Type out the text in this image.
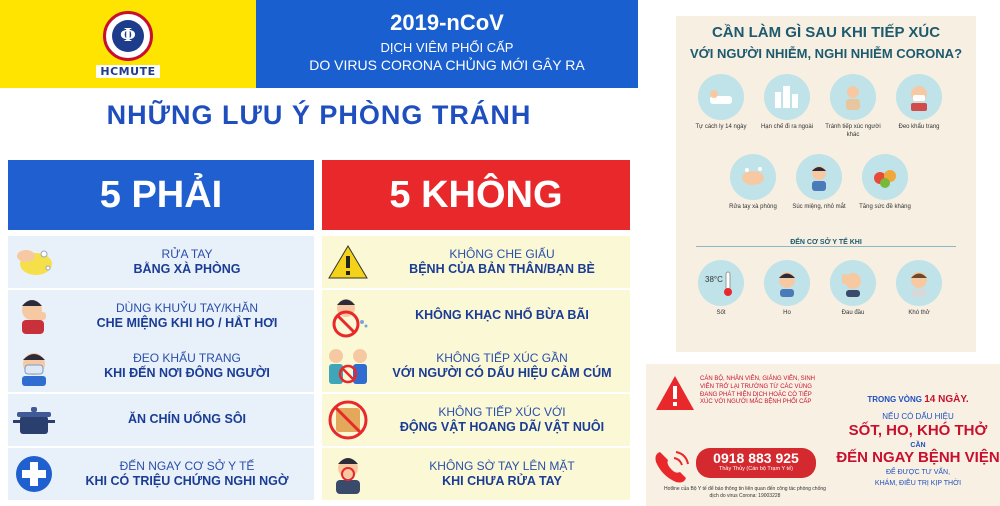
Φ
HCMUTE
2019-nCoV
DỊCH VIÊM PHỔI CẤP
DO VIRUS CORONA CHỦNG MỚI GÂY RA
NHỮNG LƯU Ý PHÒNG TRÁNH
5 PHẢI	5 KHÔNG
RỬA TAY
BẰNG XÀ PHÒNG
DÙNG KHUỶU TAY/KHĂN
CHE MIỆNG KHI HO / HẮT HƠI
ĐEO KHẨU TRANG
KHI ĐẾN NƠI ĐÔNG NGƯỜI
ĂN CHÍN UỐNG SÔI
ĐẾN NGAY CƠ SỞ Y TẾ
KHI CÓ TRIỆU CHỨNG NGHI NGỜ
KHÔNG CHE GIẤU
BỆNH CỦA BẢN THÂN/BẠN BÈ
KHÔNG KHẠC NHỔ BỪA BÃI
KHÔNG TIẾP XÚC GẦN
VỚI NGƯỜI CÓ DẤU HIỆU CẢM CÚM
KHÔNG TIẾP XÚC VỚI
ĐỘNG VẬT HOANG DÃ/ VẬT NUÔI
KHÔNG SỜ TAY LÊN MẶT
KHI CHƯA RỬA TAY
CẦN LÀM GÌ SAU KHI TIẾP XÚC
VỚI NGƯỜI NHIỄM, NGHI NHIỄM CORONA?
Tự cách ly 14 ngày	Hạn chế đi ra ngoài	Tránh tiếp xúc người khác
Đeo khẩu trang
Rửa tay xà phòng	Súc miệng, nhỏ mắt	Tăng sức đề kháng
ĐẾN CƠ SỞ Y TẾ KHI
38°C
Sốt	Ho	Đau đầu	Khó thở
CÁN BỘ, NHÂN VIÊN, GIẢNG VIÊN, SINH VIÊN TRỞ LẠI TRƯỜNG TỪ CÁC VÙNG ĐANG PHÁT HIỆN DỊCH HOẶC CÓ TIẾP XÚC VỚI NGƯỜI MẮC BỆNH PHỔI CẤP
0918 883 925
Thầy Thủy (Cán bộ Trạm Y tế)
Hotline của Bộ Y tế để báo thông tin liên quan đến công tác phòng chống dịch do virus Corona: 19003228
TRONG VÒNG 14 NGÀY.
NẾU CÓ DẤU HIỆU
SỐT, HO, KHÓ THỞ
CẦN
ĐẾN NGAY BỆNH VIỆN
ĐỂ ĐƯỢC TƯ VẤN,
KHÁM, ĐIỀU TRỊ KỊP THỜI
